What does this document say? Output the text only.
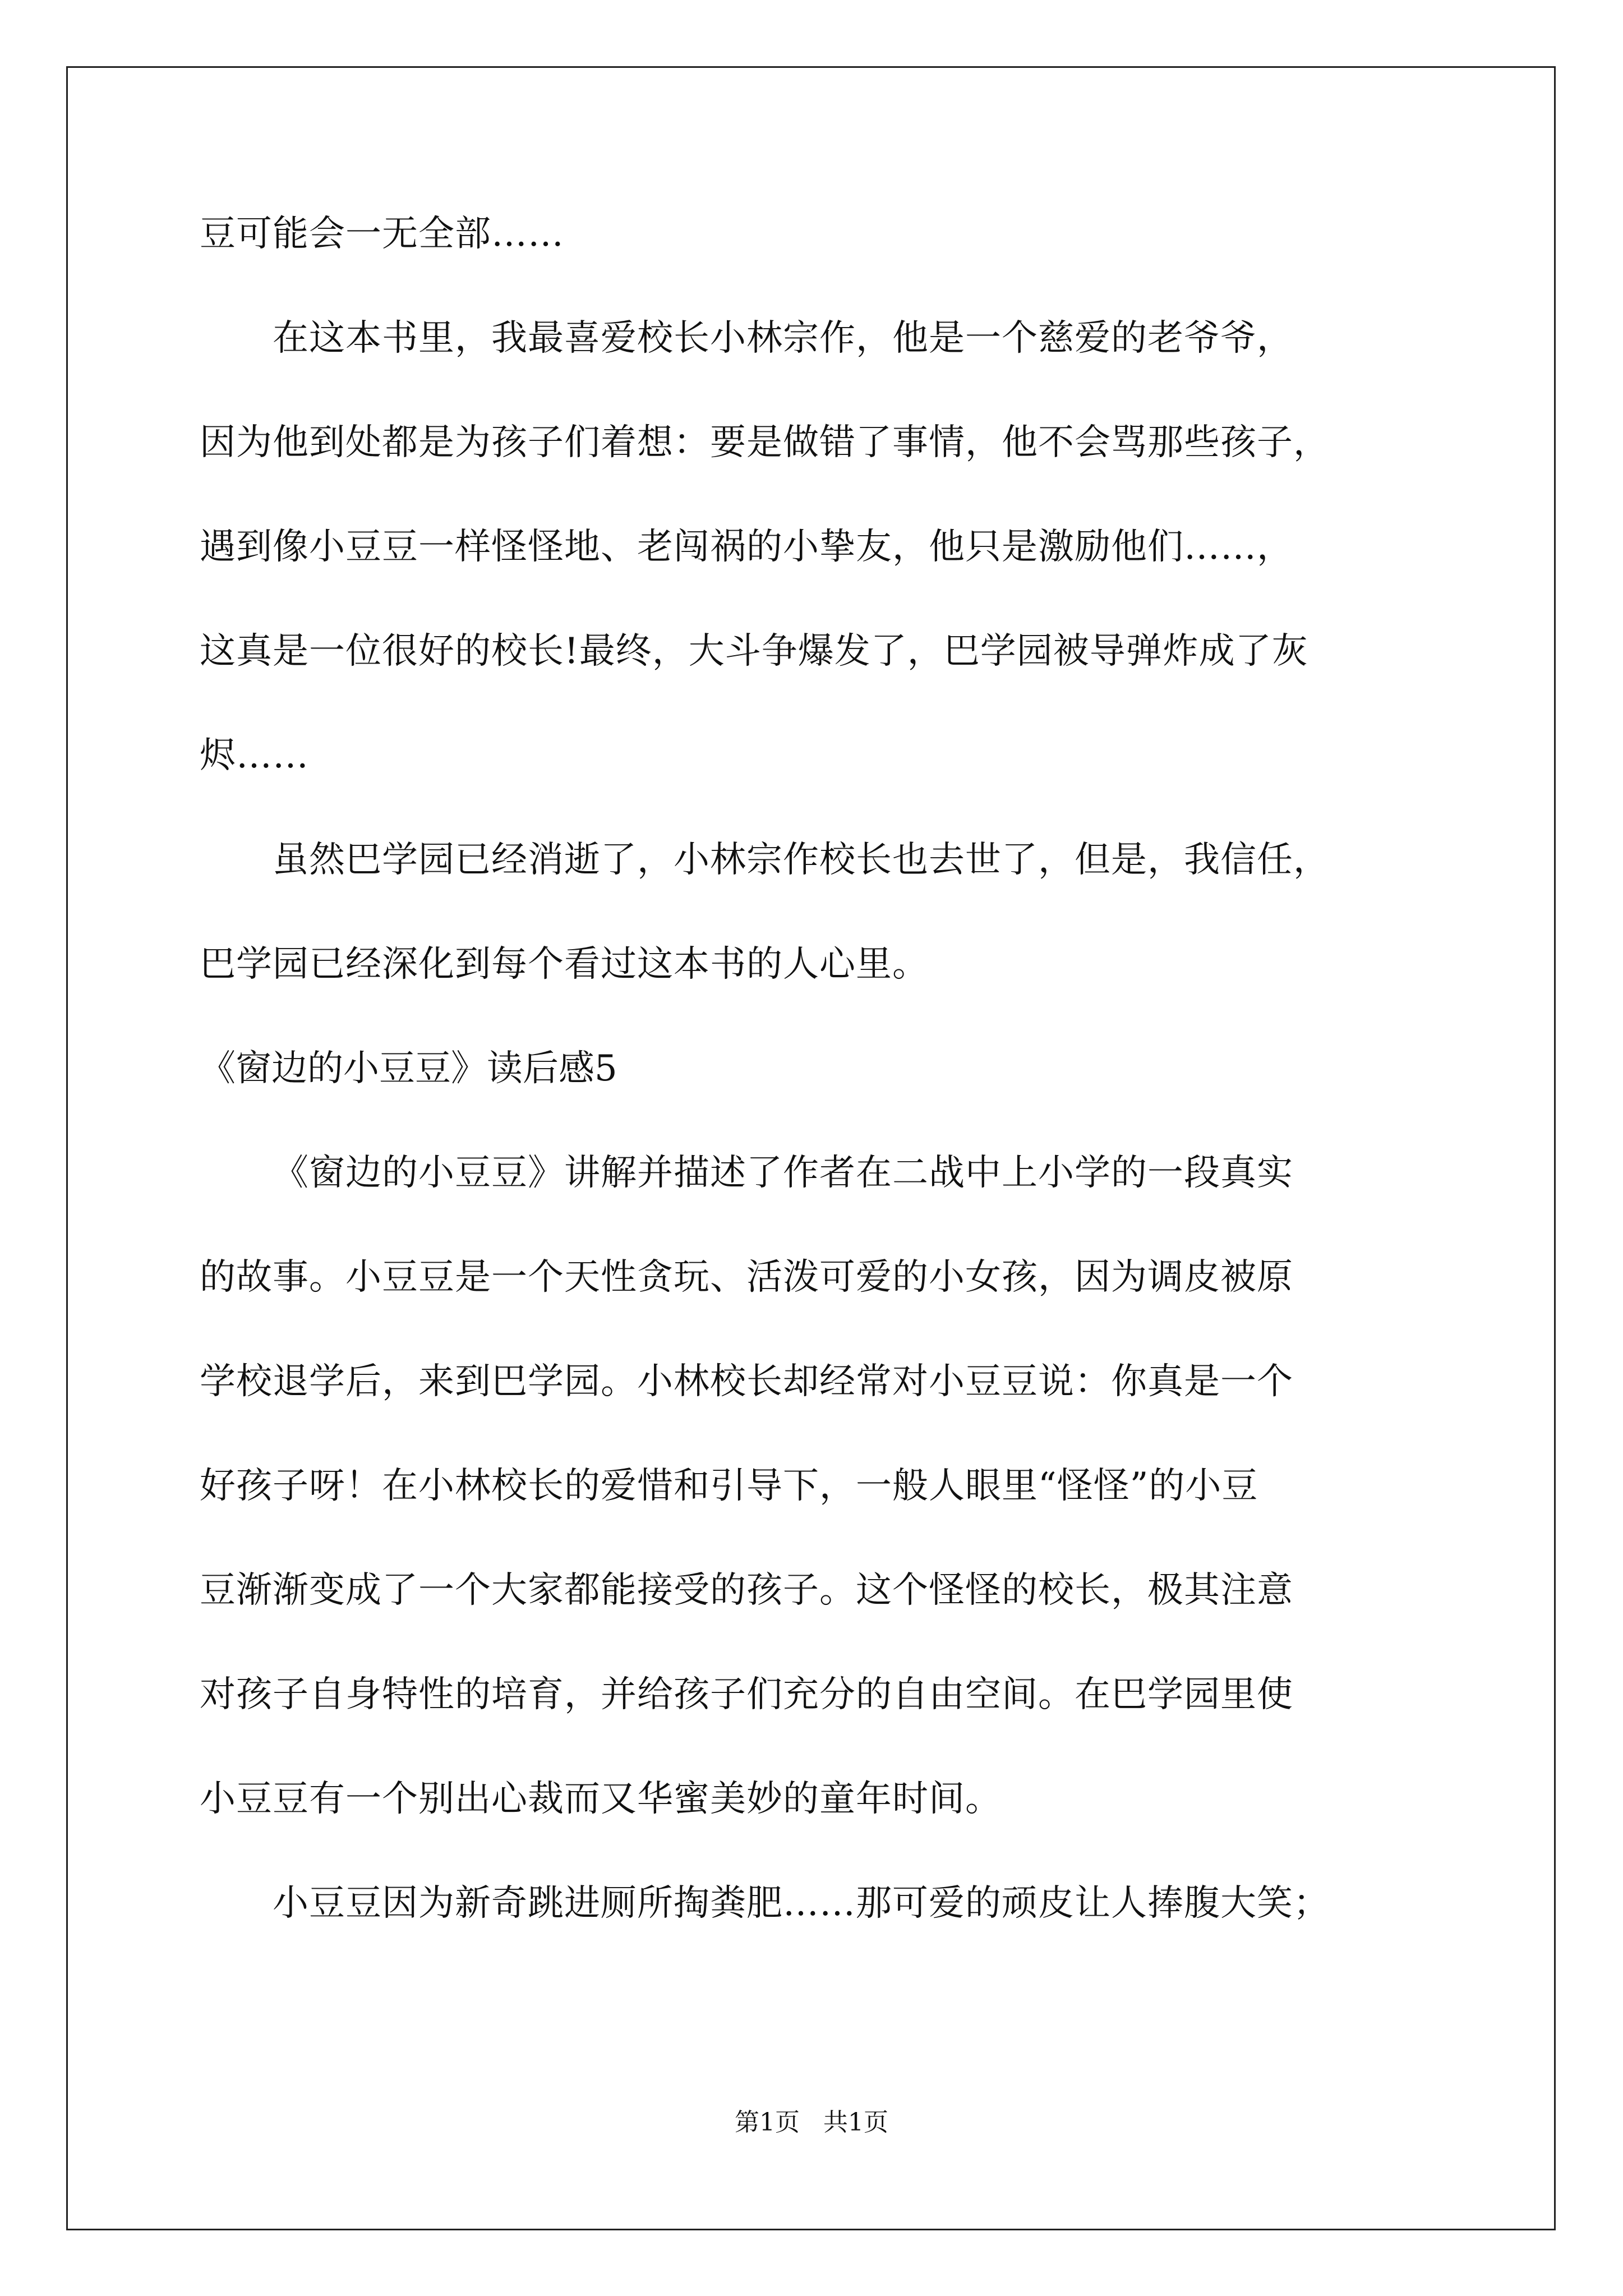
豆可能会一无全部……
在这本书里，我最喜爱校长小林宗作，他是一个慈爱的老爷爷，
因为他到处都是为孩子们着想：要是做错了事情，他不会骂那些孩子，
遇到像小豆豆一样怪怪地、老闯祸的小挚友，他只是激励他们……，
这真是一位很好的校长!最终，大斗争爆发了，巴学园被导弹炸成了灰
烬……
虽然巴学园已经消逝了，小林宗作校长也去世了，但是，我信任，
巴学园已经深化到每个看过这本书的人心里。
《窗边的小豆豆》读后感5
《窗边的小豆豆》讲解并描述了作者在二战中上小学的一段真实
的故事。小豆豆是一个天性贪玩、活泼可爱的小女孩，因为调皮被原
学校退学后，来到巴学园。小林校长却经常对小豆豆说：你真是一个
好孩子呀！在小林校长的爱惜和引导下，一般人眼里“怪怪”的小豆
豆渐渐变成了一个大家都能接受的孩子。这个怪怪的校长，极其注意
对孩子自身特性的培育，并给孩子们充分的自由空间。在巴学园里使
小豆豆有一个别出心裁而又华蜜美妙的童年时间。
小豆豆因为新奇跳进厕所掏粪肥……那可爱的顽皮让人捧腹大笑；
第1页   共1页
